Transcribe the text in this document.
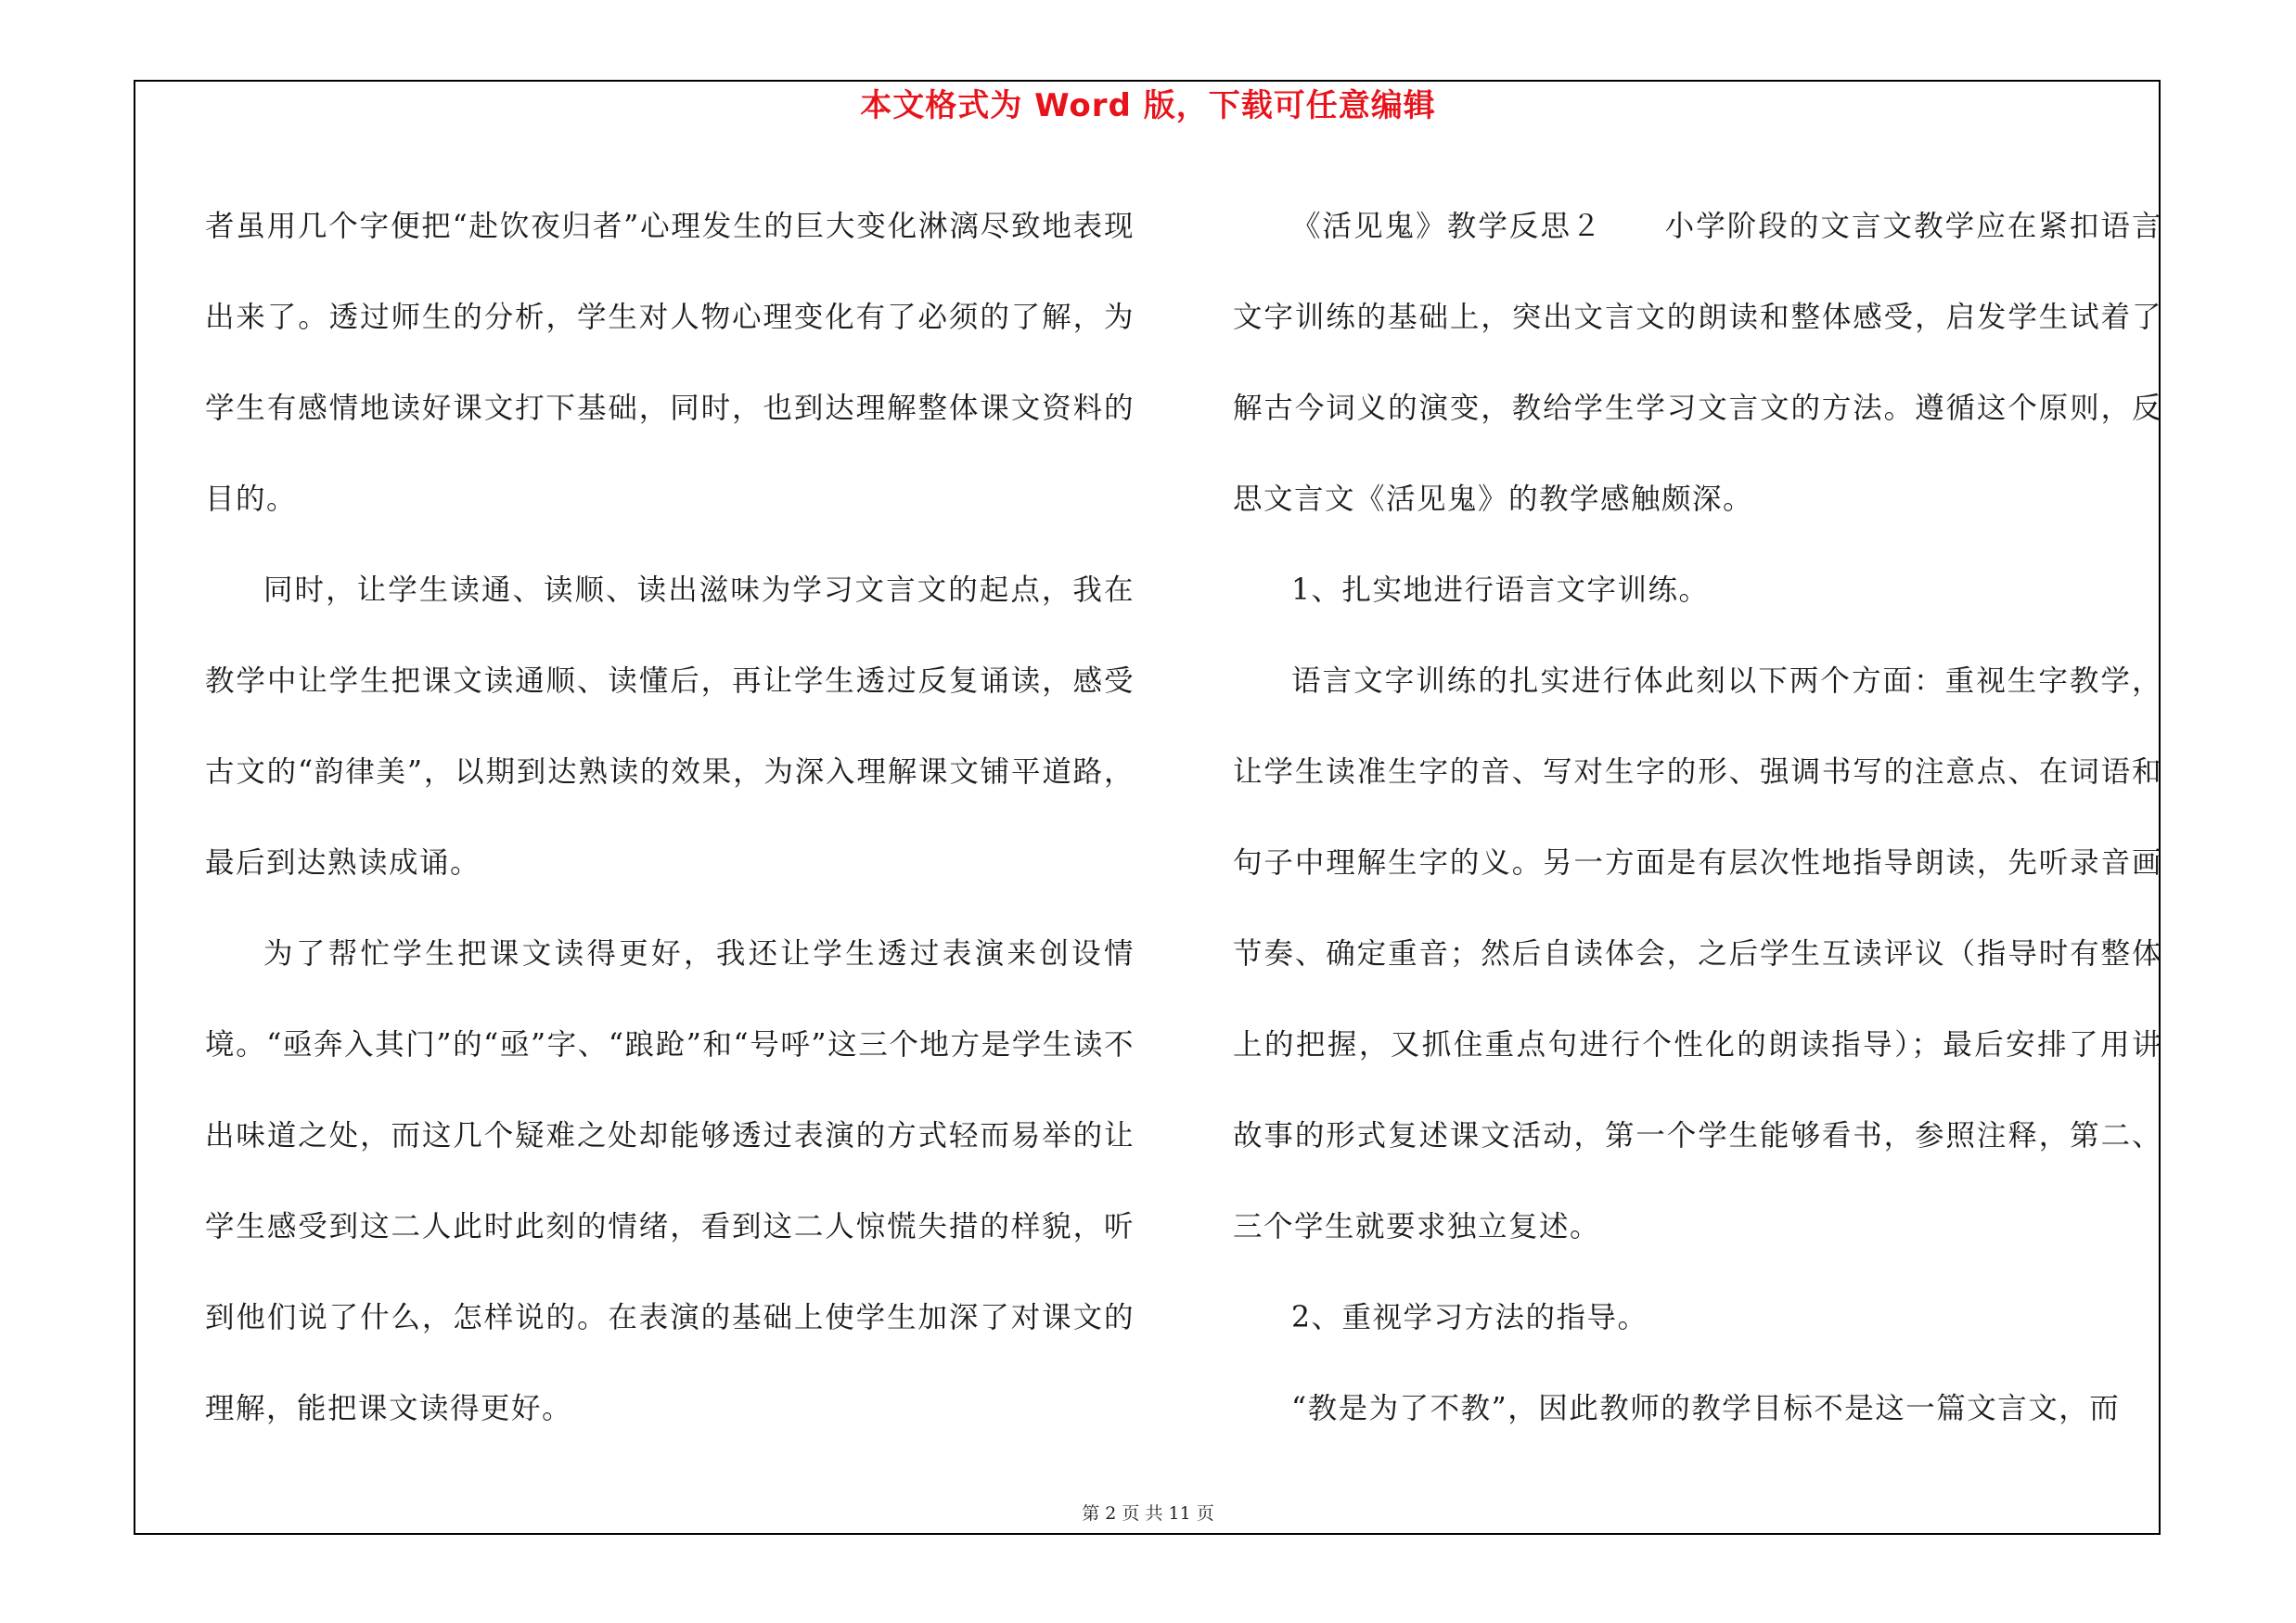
本文格式为 Word 版，下载可任意编辑

者虽用几个字便把“赴饮夜归者”心理发生的巨大变化淋漓尽致地表现出来了。透过师生的分析，学生对人物心理变化有了必须的了解，为学生有感情地读好课文打下基础，同时，也到达理解整体课文资料的目的。

同时，让学生读通、读顺、读出滋味为学习文言文的起点，我在教学中让学生把课文读通顺、读懂后，再让学生透过反复诵读，感受古文的“韵律美”，以期到达熟读的效果，为深入理解课文铺平道路，最后到达熟读成诵。

为了帮忙学生把课文读得更好，我还让学生透过表演来创设情境。“亟奔入其门”的“亟”字、“踉跄”和“号呼”这三个地方是学生读不出味道之处，而这几个疑难之处却能够透过表演的方式轻而易举的让学生感受到这二人此时此刻的情绪，看到这二人惊慌失措的样貌，听到他们说了什么，怎样说的。在表演的基础上使学生加深了对课文的理解，能把课文读得更好。

《活见鬼》教学反思２　　小学阶段的文言文教学应在紧扣语言文字训练的基础上，突出文言文的朗读和整体感受，启发学生试着了解古今词义的演变，教给学生学习文言文的方法。遵循这个原则，反思文言文《活见鬼》的教学感触颇深。

1、扎实地进行语言文字训练。

语言文字训练的扎实进行体此刻以下两个方面：重视生字教学，让学生读准生字的音、写对生字的形、强调书写的注意点、在词语和句子中理解生字的义。另一方面是有层次性地指导朗读，先听录音画节奏、确定重音；然后自读体会，之后学生互读评议（指导时有整体上的把握，又抓住重点句进行个性化的朗读指导）；最后安排了用讲故事的形式复述课文活动，第一个学生能够看书，参照注释，第二、三个学生就要求独立复述。

2、重视学习方法的指导。

“教是为了不教”，因此教师的教学目标不是这一篇文言文，而

第 2 页 共 11 页
